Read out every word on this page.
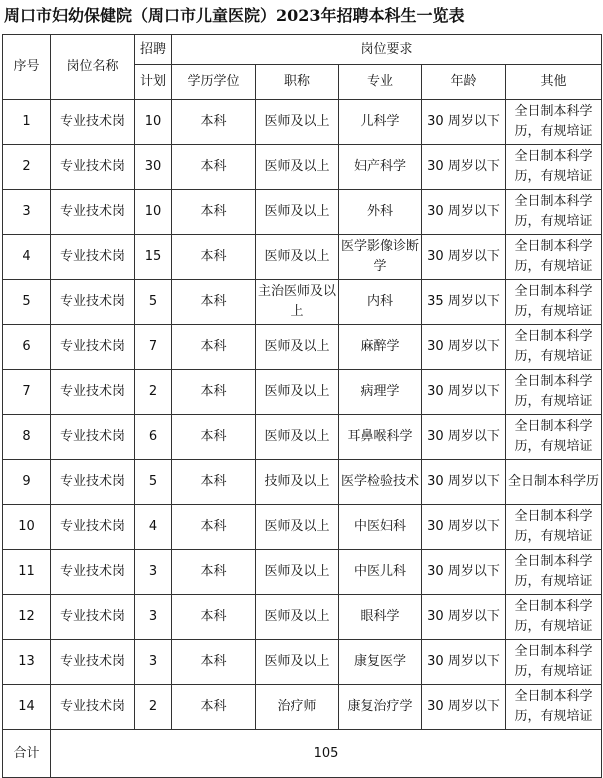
周口市妇幼保健院（周口市儿童医院）2023年招聘本科生一览表
序号	岗位名称	招聘	岗位要求				
		计划	学历学位	职称	专业	年龄	其他

1	专业技术岗	10	本科	医师及以上	儿科学	30 周岁以下	全日制本科学历，有规培证

2	专业技术岗	30	本科	医师及以上	妇产科学	30 周岁以下	全日制本科学历，有规培证

3	专业技术岗	10	本科	医师及以上	外科	30 周岁以下	全日制本科学历，有规培证

4	专业技术岗	15	本科	医师及以上	医学影像诊断学	30 周岁以下	全日制本科学历，有规培证

5	专业技术岗	5	本科	主治医师及以上	内科	35 周岁以下	全日制本科学历，有规培证

6	专业技术岗	7	本科	医师及以上	麻醉学	30 周岁以下	全日制本科学历，有规培证

7	专业技术岗	2	本科	医师及以上	病理学	30 周岁以下	全日制本科学历，有规培证

8	专业技术岗	6	本科	医师及以上	耳鼻喉科学	30 周岁以下	全日制本科学历，有规培证

9	专业技术岗	5	本科	技师及以上	医学检验技术	30 周岁以下	全日制本科学历

10	专业技术岗	4	本科	医师及以上	中医妇科	30 周岁以下	全日制本科学历，有规培证

11	专业技术岗	3	本科	医师及以上	中医儿科	30 周岁以下	全日制本科学历，有规培证

12	专业技术岗	3	本科	医师及以上	眼科学	30 周岁以下	全日制本科学历，有规培证

13	专业技术岗	3	本科	医师及以上	康复医学	30 周岁以下	全日制本科学历，有规培证

14	专业技术岗	2	本科	治疗师	康复治疗学	30 周岁以下	全日制本科学历，有规培证

合计	105						
